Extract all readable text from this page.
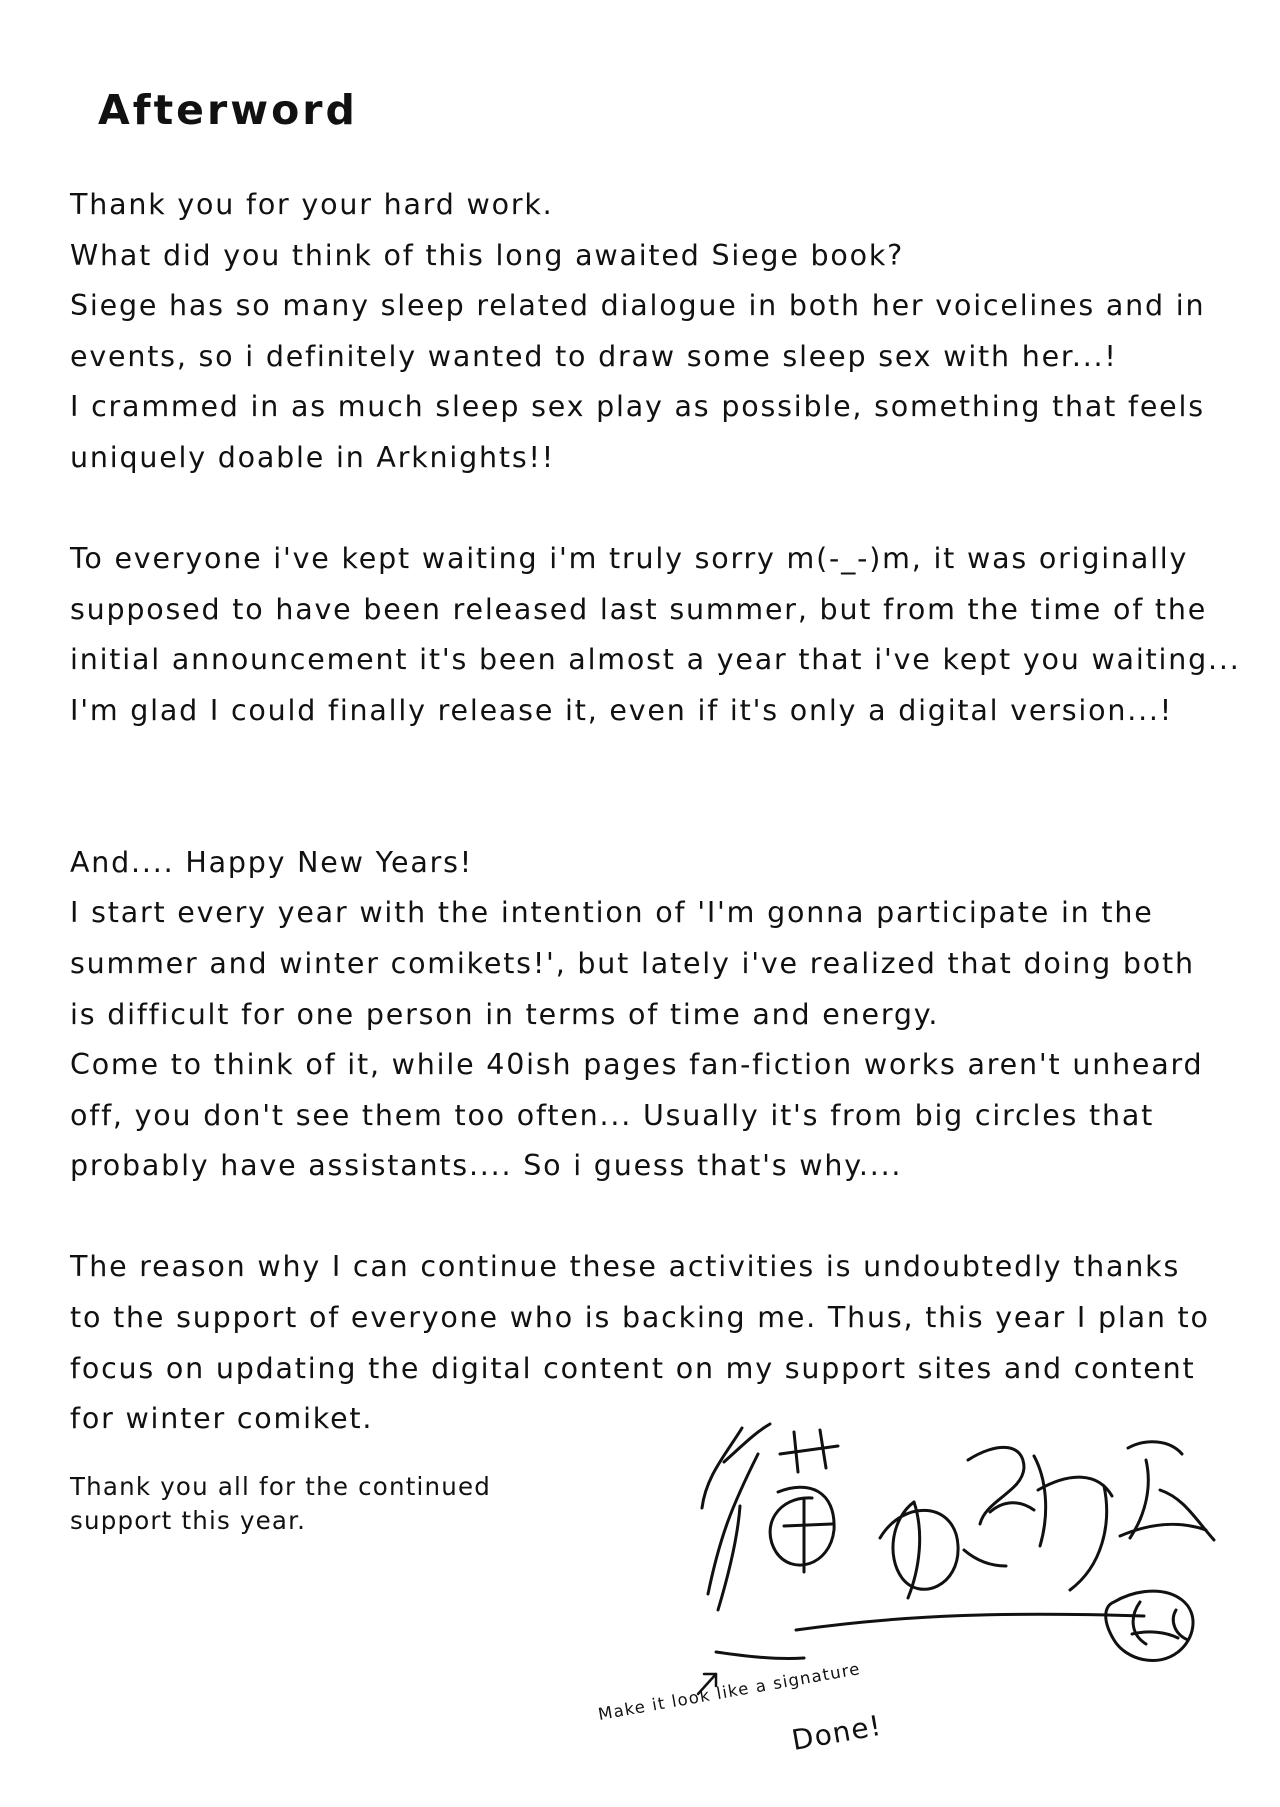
Afterword
Thank you for your hard work.
What did you think of this long awaited Siege book?
Siege has so many sleep related dialogue in both her voicelines and in
events, so i definitely wanted to draw some sleep sex with her...!
I crammed in as much sleep sex play as possible, something that feels
uniquely doable in Arknights!!
To everyone i've kept waiting i'm truly sorry m(-_-)m, it was originally
supposed to have been released last summer, but from the time of the
initial announcement it's been almost a year that i've kept you waiting...
I'm glad I could finally release it, even if it's only a digital version...!
And.... Happy New Years!
I start every year with the intention of 'I'm gonna participate in the
summer and winter comikets!', but lately i've realized that doing both
is difficult for one person in terms of time and energy.
Come to think of it, while 40ish pages fan-fiction works aren't unheard
off, you don't see them too often... Usually it's from big circles that
probably have assistants.... So i guess that's why....
The reason why I can continue these activities is undoubtedly thanks
to the support of everyone who is backing me. Thus, this year I plan to
focus on updating the digital content on my support sites and content
for winter comiket.
Thank you all for the continued
support this year.
Make it look like a signature
Done!
